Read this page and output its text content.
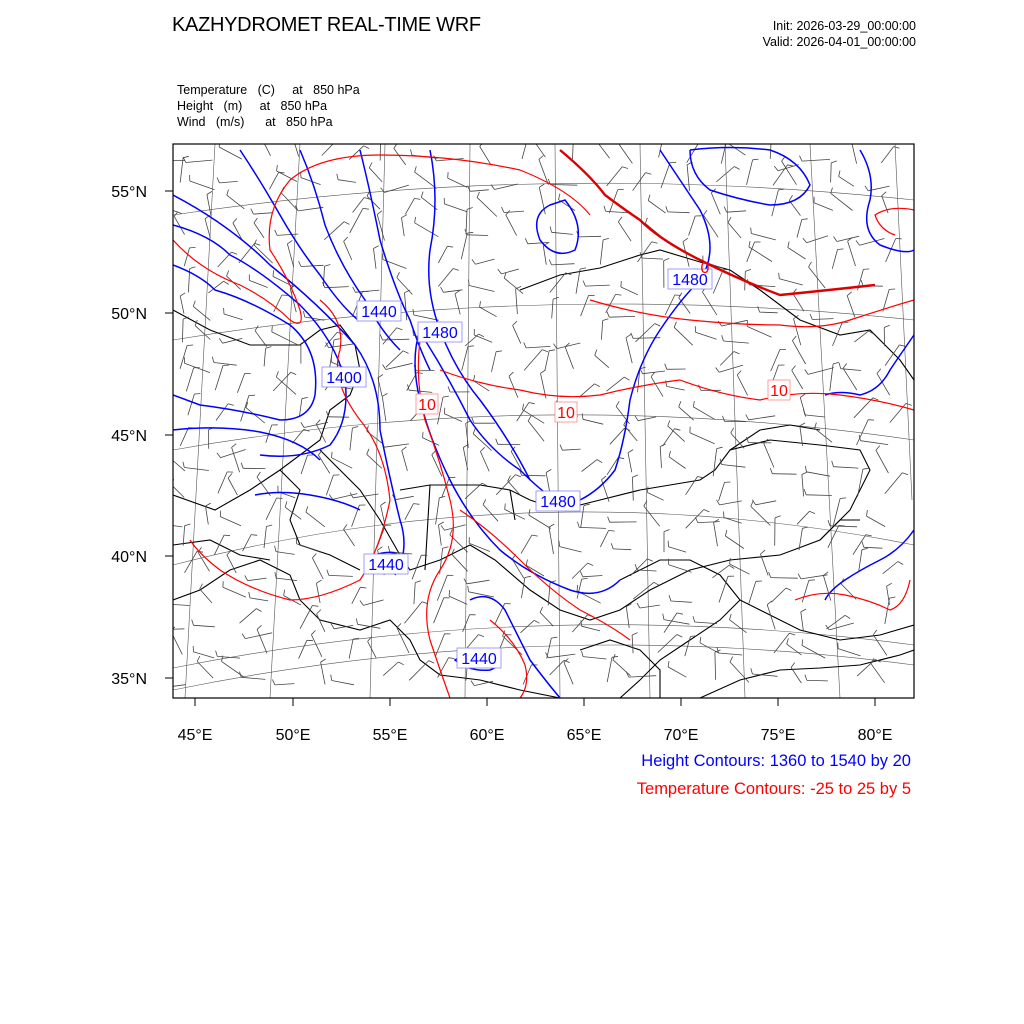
KAZHYDROMET REAL-TIME WRF	Init: 2026-03-29_00:00:00
Valid: 2026-04-01_00:00:00
Temperature   (C)     at   850 hPa
Height   (m)     at   850 hPa
Wind   (m/s)      at   850 hPa
55°N
50°N
45°N
40°N
35°N
45°E	50°E	55°E	60°E	65°E	70°E	75°E	80°E
1440
1480
1400
1480
1480
1440
1440
10	10
10
0
Height Contours: 1360 to 1540 by 20
Temperature Contours: -25 to 25 by 5
